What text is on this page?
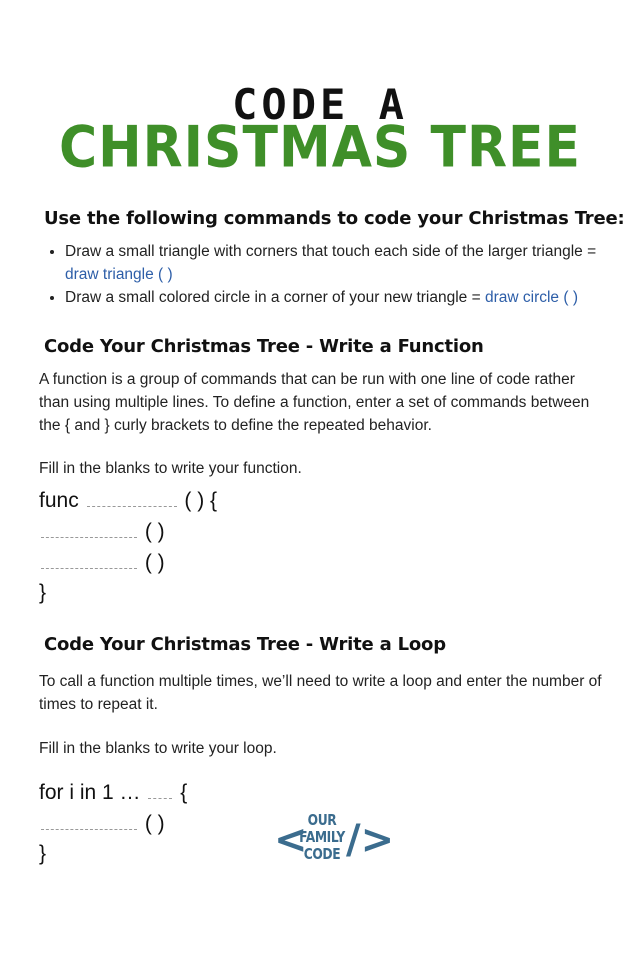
CODE A
CHRISTMAS TREE
Use the following commands to code your Christmas Tree:
• Draw a small triangle with corners that touch each side of the larger triangle = draw triangle ( )
• Draw a small colored circle in a corner of your new triangle = draw circle ( )
Code Your Christmas Tree - Write a Function

A function is a group of commands that can be run with one line of code rather than using multiple lines. To define a function, enter a set of commands between the { and } curly brackets to define the repeated behavior.

Fill in the blanks to write your function.

func	( ) {
( )
( )
}
Code Your Christmas Tree - Write a Loop

To call a function multiple times, we’ll need to write a loop and enter the number of times to repeat it.

Fill in the blanks to write your loop.

for i in 1 … {
( )
}	< OUR
FAMILY
CODE />
